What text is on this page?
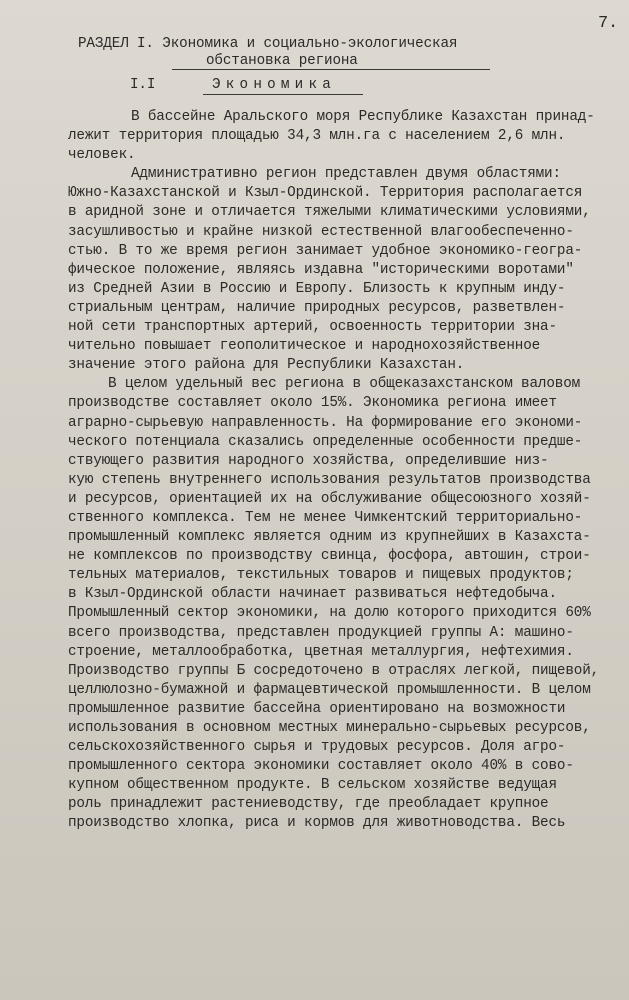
7.
РАЗДЕЛ I. Экономика и социально-экологическая
обстановка региона
I.I	Экономика
В бассейне Аральского моря Республике Казахстан принад-
лежит территория площадью 34,3 млн.га с населением 2,6 млн.
человек.
Административно регион представлен двумя областями:
Южно-Казахстанской и Кзыл-Ординской. Территория располагается
в аридной зоне и отличается тяжелыми климатическими условиями,
засушливостью и крайне низкой естественной влагообеспеченно-
стью. В то же время регион занимает удобное экономико-геогра-
фическое положение, являясь издавна "историческими воротами"
из Средней Азии в Россию и Европу. Близость к крупным инду-
стриальным центрам, наличие природных ресурсов, разветвлен-
ной сети транспортных артерий, освоенность территории зна-
чительно повышает геополитическое и народнохозяйственное
значение этого района для Республики Казахстан.
В целом удельный вес региона в общеказахстанском валовом
производстве составляет около 15%. Экономика региона имеет
аграрно-сырьевую направленность. На формирование его экономи-
ческого потенциала сказались определенные особенности предше-
ствующего развития народного хозяйства, определившие низ-
кую степень внутреннего использования результатов производства
и ресурсов, ориентацией их на обслуживание общесоюзного хозяй-
ственного комплекса. Тем не менее Чимкентский территориально-
промышленный комплекс является одним из крупнейших в Казахста-
не комплексов по производству свинца, фосфора, автошин, строи-
тельных материалов, текстильных товаров и пищевых продуктов;
в Кзыл-Ординской области начинает развиваться нефтедобыча.
Промышленный сектор экономики, на долю которого приходится 60%
всего производства, представлен продукцией группы А: машино-
строение, металлообработка, цветная металлургия, нефтехимия.
Производство группы Б сосредоточено в отраслях легкой, пищевой,
целлюлозно-бумажной и фармацевтической промышленности. В целом
промышленное развитие бассейна ориентировано на возможности
использования в основном местных минерально-сырьевых ресурсов,
сельскохозяйственного сырья и трудовых ресурсов. Доля агро-
промышленного сектора экономики составляет около 40% в сово-
купном общественном продукте. В сельском хозяйстве ведущая
роль принадлежит растениеводству, где преобладает крупное
производство хлопка, риса и кормов для животноводства. Весь
